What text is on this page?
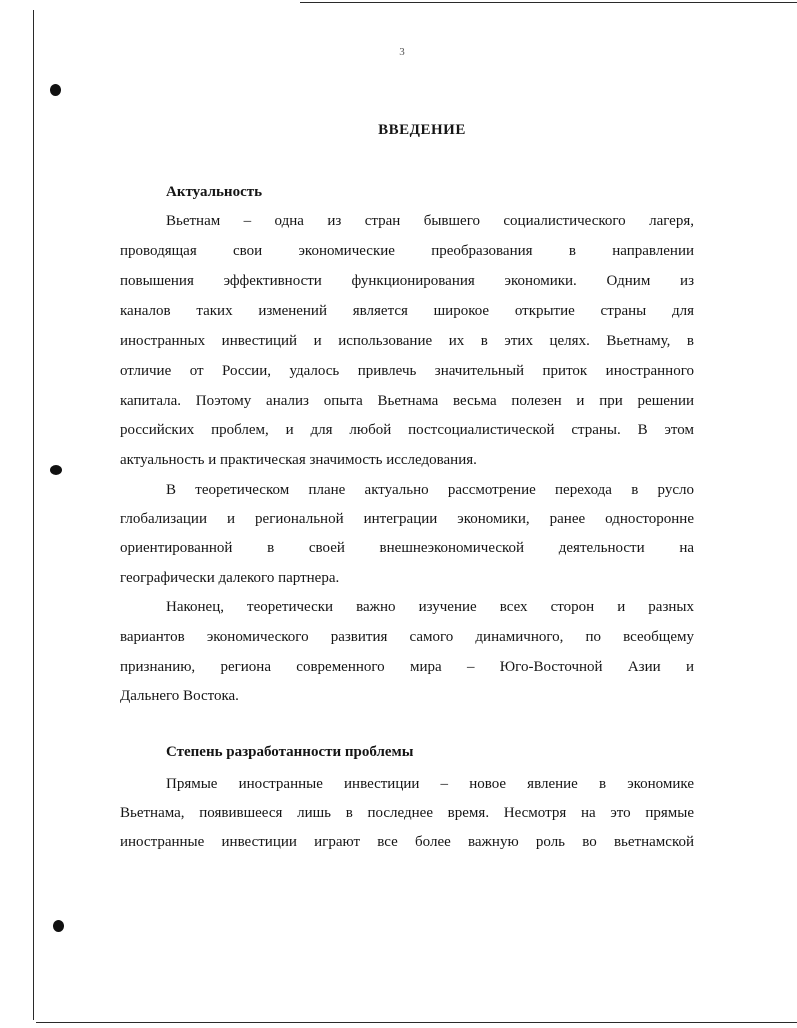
3
ВВЕДЕНИЕ
Актуальность
Вьетнам – одна из стран бывшего социалистического лагеря,
проводящая свои экономические преобразования в направлении
повышения эффективности функционирования экономики. Одним из
каналов таких изменений является широкое открытие страны для
иностранных инвестиций и использование их в этих целях. Вьетнаму, в
отличие от России, удалось привлечь значительный приток иностранного
капитала. Поэтому анализ опыта Вьетнама весьма полезен и при решении
российских проблем, и для любой постсоциалистической страны. В этом
актуальность и практическая значимость исследования.
В теоретическом плане актуально рассмотрение перехода в русло
глобализации и региональной интеграции экономики, ранее односторонне
ориентированной в своей внешнеэкономической деятельности на
географически далекого партнера.
Наконец, теоретически важно изучение всех сторон и разных
вариантов экономического развития самого динамичного, по всеобщему
признанию, региона современного мира – Юго-Восточной Азии и
Дальнего Востока.
Степень разработанности проблемы
Прямые иностранные инвестиции – новое явление в экономике
Вьетнама, появившееся лишь в последнее время. Несмотря на это прямые
иностранные инвестиции играют все более важную роль во вьетнамской
